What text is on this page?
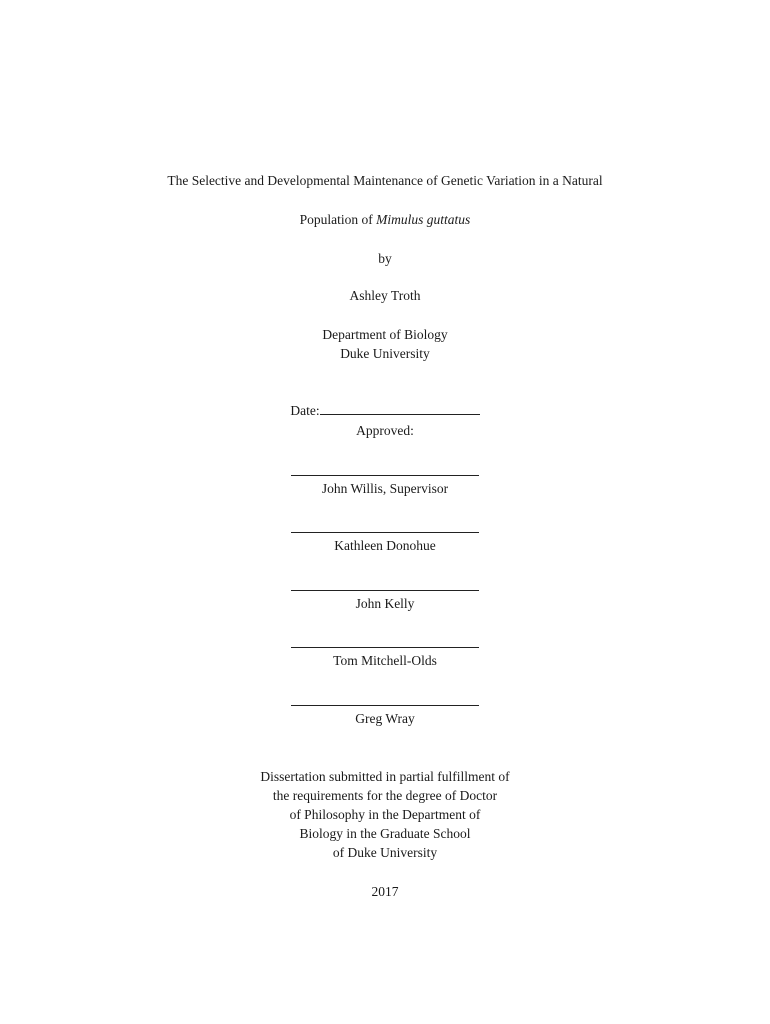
The Selective and Developmental Maintenance of Genetic Variation in a Natural
Population of Mimulus guttatus
by
Ashley Troth
Department of Biology
Duke University
Date:
Approved:
John Willis, Supervisor
Kathleen Donohue
John Kelly
Tom Mitchell-Olds
Greg Wray
Dissertation submitted in partial fulfillment of
the requirements for the degree of Doctor
of Philosophy in the Department of
Biology in the Graduate School
of Duke University
2017
